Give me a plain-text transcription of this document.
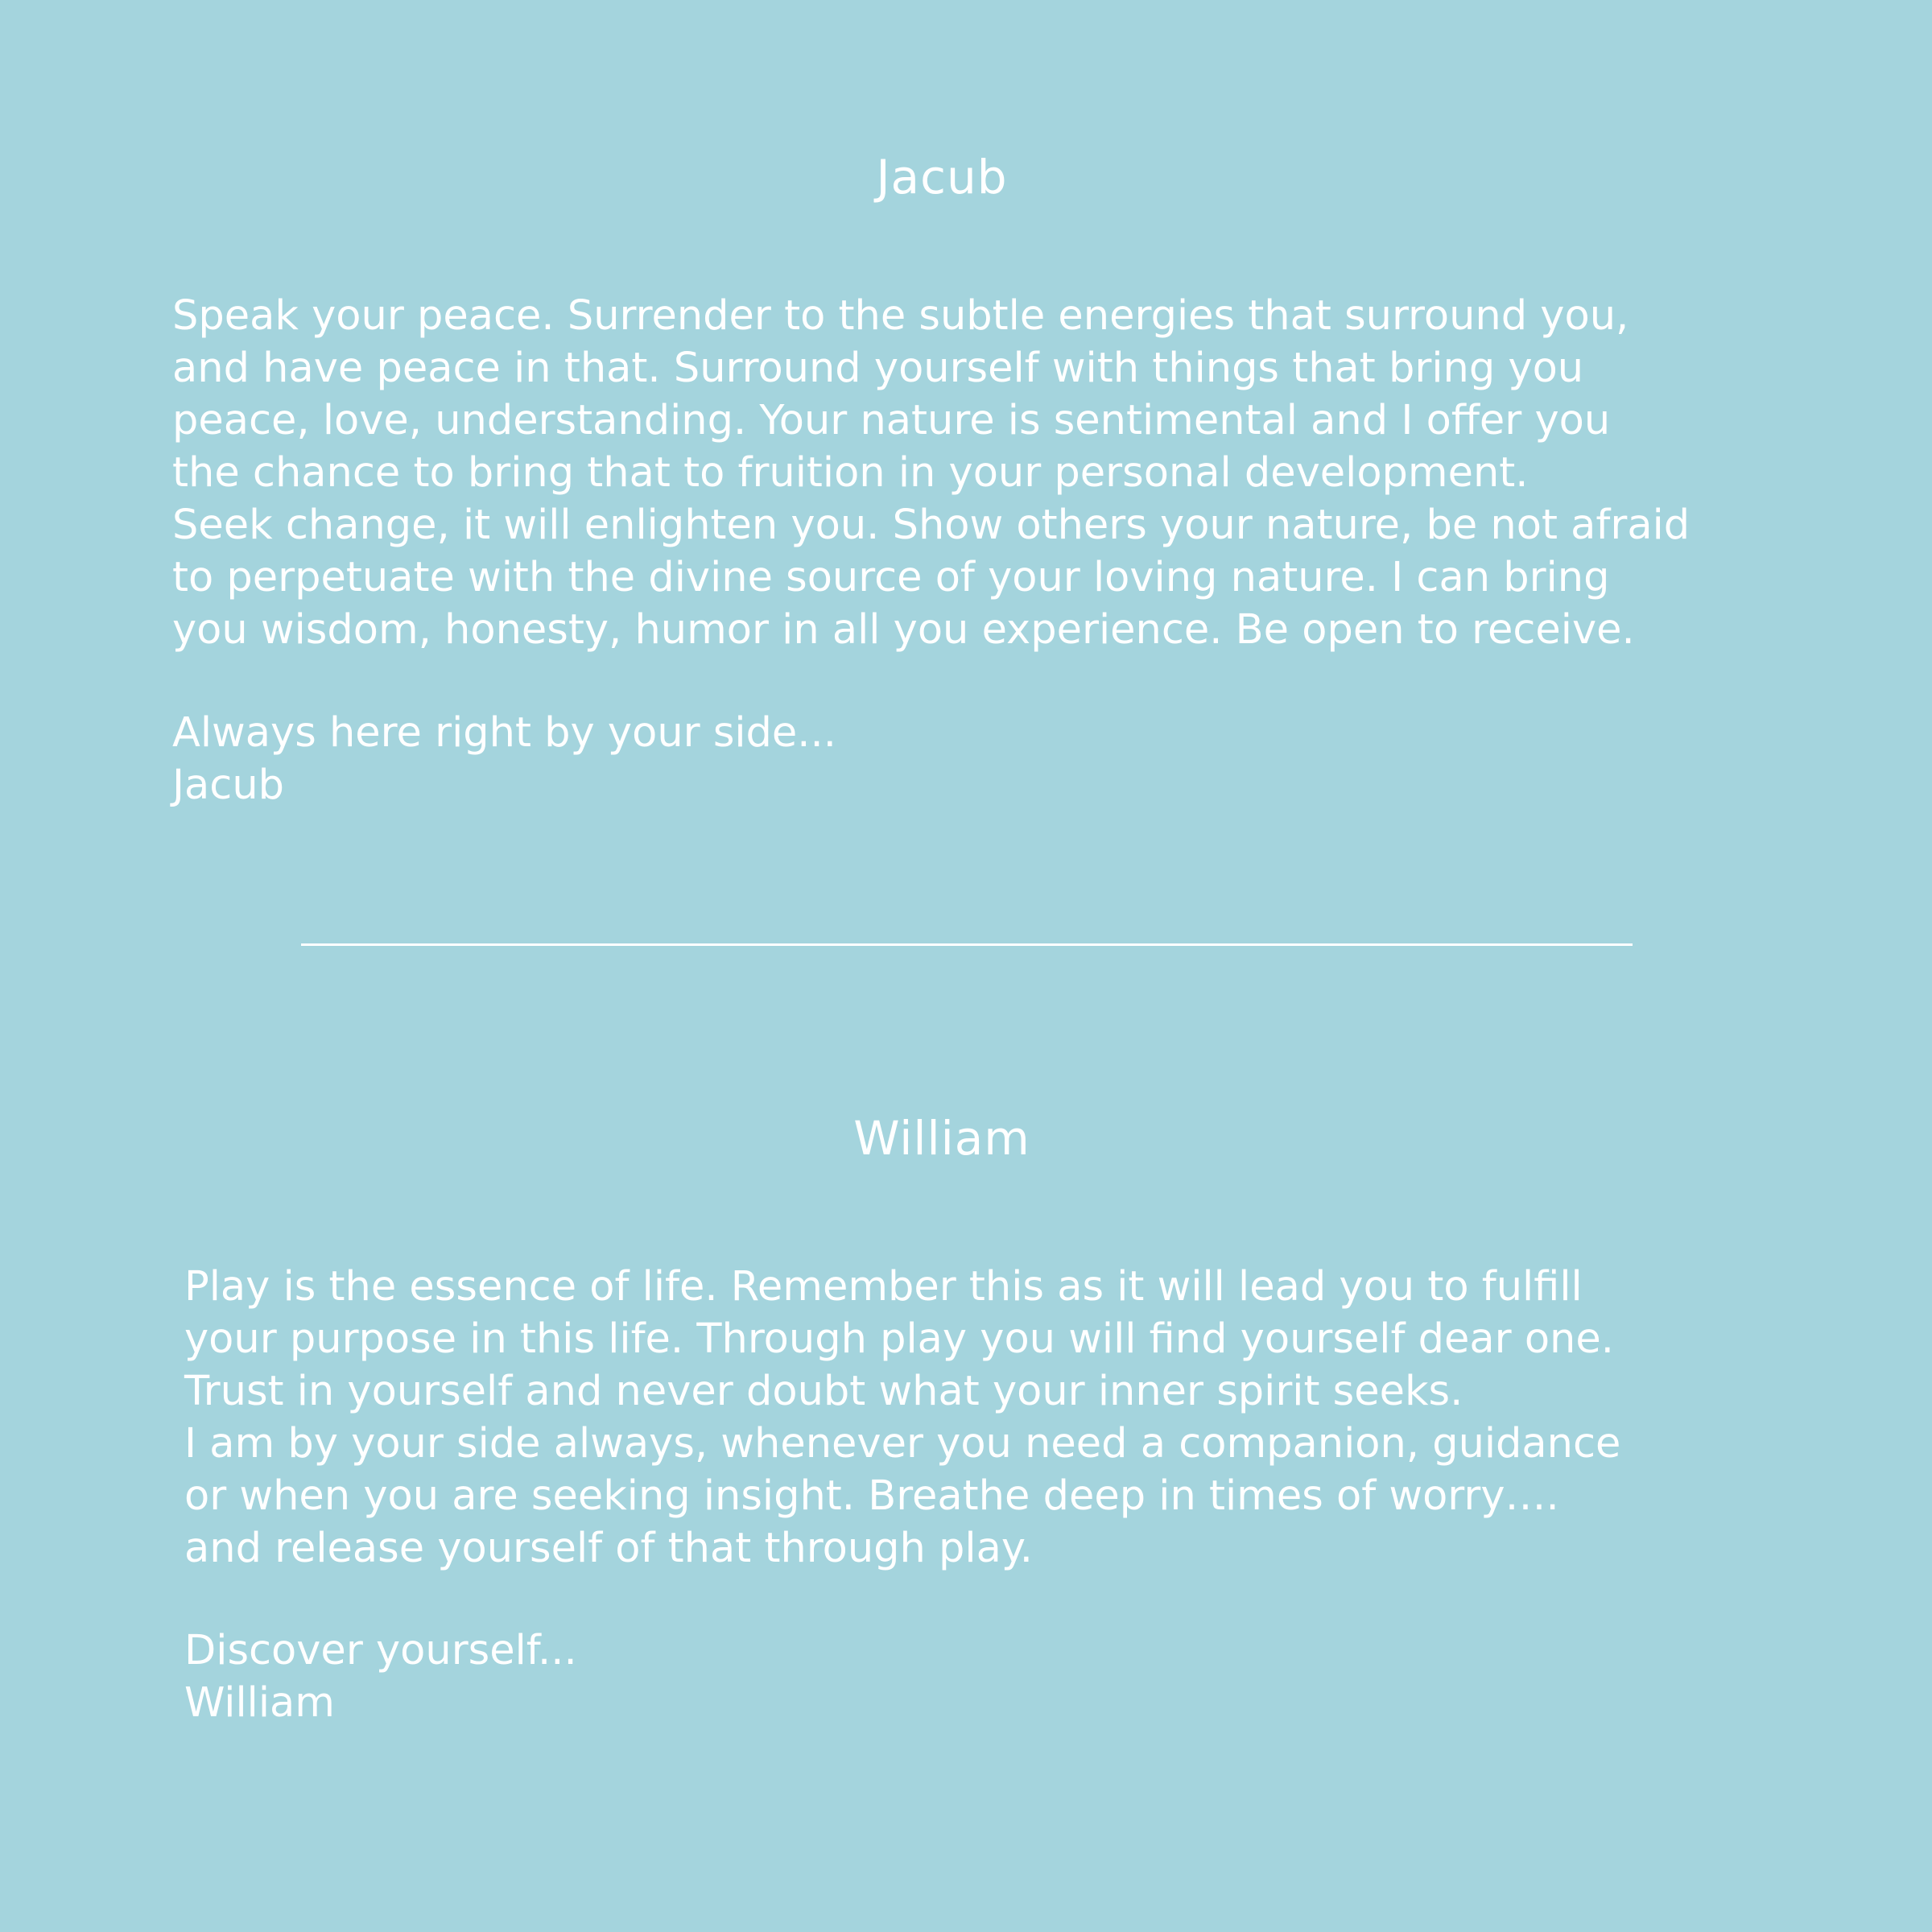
Jacub
Speak your peace. Surrender to the subtle energies that surround you,
and have peace in that. Surround yourself with things that bring you
peace, love, understanding. Your nature is sentimental and I offer you
the chance to bring that to fruition in your personal development.
Seek change, it will enlighten you. Show others your nature, be not afraid
to perpetuate with the divine source of your loving nature. I can bring
you wisdom, honesty, humor in all you experience. Be open to receive.
Always here right by your side...
Jacub
William
Play is the essence of life. Remember this as it will lead you to fulfill
your purpose in this life. Through play you will find yourself dear one.
Trust in yourself and never doubt what your inner spirit seeks.
I am by your side always, whenever you need a companion, guidance
or when you are seeking insight. Breathe deep in times of worry….
and release yourself of that through play.
Discover yourself...
William
